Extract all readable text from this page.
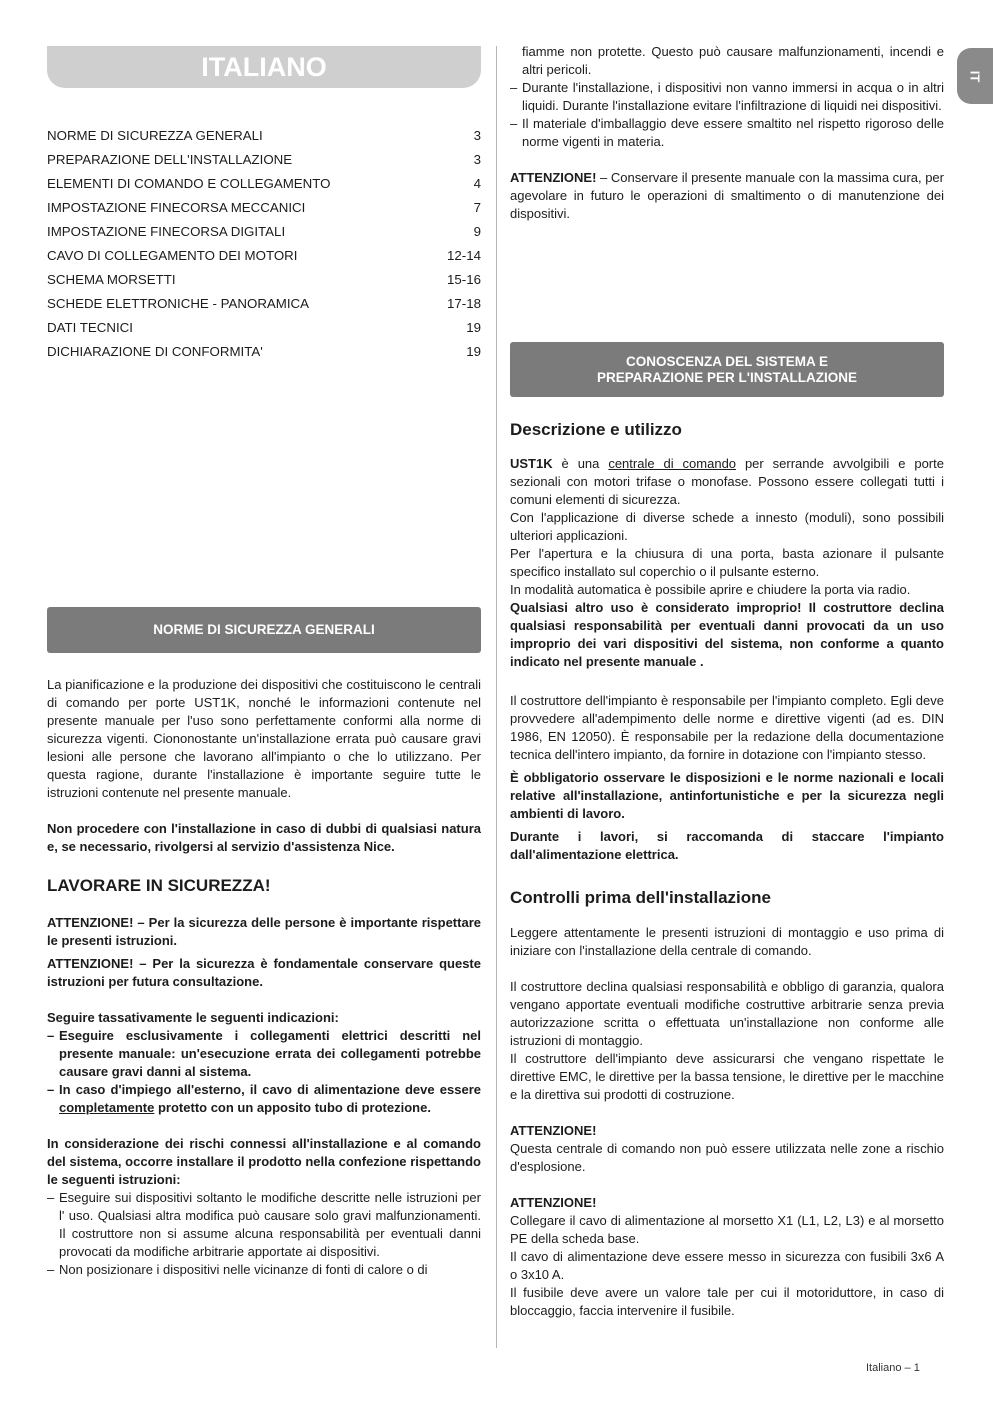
ITALIANO	IT
NORME DI SICUREZZA GENERALI	3
PREPARAZIONE DELL'INSTALLAZIONE	3
ELEMENTI DI COMANDO E COLLEGAMENTO	4
IMPOSTAZIONE FINECORSA MECCANICI	7
IMPOSTAZIONE FINECORSA DIGITALI	9
CAVO DI COLLEGAMENTO DEI MOTORI	12-14
SCHEMA MORSETTI	15-16
SCHEDE ELETTRONICHE - PANORAMICA	17-18
DATI TECNICI	19
DICHIARAZIONE DI CONFORMITA'	19
NORME DI SICUREZZA GENERALI

La pianificazione e la produzione dei dispositivi che costituiscono le centrali di comando per porte UST1K, nonché le informazioni contenute nel presente manuale per l'uso sono perfettamente conformi alla norme di sicurezza vigenti. Ciononostante un'installazione errata può causare gravi lesioni alle persone che lavorano all'impianto o che lo utilizzano. Per questa ragione, durante l'installazione è importante seguire tutte le istruzioni contenute nel presente manuale.

Non procedere con l'installazione in caso di dubbi di qualsiasi natura e, se necessario, rivolgersi al servizio d'assistenza Nice.

LAVORARE IN SICUREZZA!

ATTENZIONE! – Per la sicurezza delle persone è importante rispettare le presenti istruzioni.

ATTENZIONE! – Per la sicurezza è fondamentale conservare queste istruzioni per futura consultazione.

Seguire tassativamente le seguenti indicazioni:

– Eseguire esclusivamente i collegamenti elettrici descritti nel presente manuale: un'esecuzione errata dei collegamenti potrebbe causare gravi danni al sistema.
– In caso d'impiego all'esterno, il cavo di alimentazione deve essere completamente protetto con un apposito tubo di protezione.

In considerazione dei rischi connessi all'installazione e al comando del sistema, occorre installare il prodotto nella confezione rispettando le seguenti istruzioni:

– Eseguire sui dispositivi soltanto le modifiche descritte nelle istruzioni per l' uso. Qualsiasi altra modifica può causare solo gravi malfunzionamenti. Il costruttore non si assume alcuna responsabilità per eventuali danni provocati da modifiche arbitrarie apportate ai dispositivi.
– Non posizionare i dispositivi nelle vicinanze di fonti di calore o di
fiamme non protette. Questo può causare malfunzionamenti, incendi e altri pericoli.
– Durante l'installazione, i dispositivi non vanno immersi in acqua o in altri liquidi. Durante l'installazione evitare l'infiltrazione di liquidi nei dispositivi.
– Il materiale d'imballaggio deve essere smaltito nel rispetto rigoroso delle norme vigenti in materia.

ATTENZIONE! – Conservare il presente manuale con la massima cura, per agevolare in futuro le operazioni di smaltimento o di manutenzione dei dispositivi.

CONOSCENZA DEL SISTEMA E
PREPARAZIONE PER L'INSTALLAZIONE

Descrizione e utilizzo

UST1K è una centrale di comando per serrande avvolgibili e porte sezionali con motori trifase o monofase. Possono essere collegati tutti i comuni elementi di sicurezza.

Con l'applicazione di diverse schede a innesto (moduli), sono possibili ulteriori applicazioni.

Per l'apertura e la chiusura di una porta, basta azionare il pulsante specifico installato sul coperchio o il pulsante esterno.

In modalità automatica è possibile aprire e chiudere la porta via radio.

Qualsiasi altro uso è considerato improprio! Il costruttore declina qualsiasi responsabilità per eventuali danni provocati da un uso improprio dei vari dispositivi del sistema, non conforme a quanto indicato nel presente manuale .

Il costruttore dell'impianto è responsabile per l'impianto completo. Egli deve provvedere all'adempimento delle norme e direttive vigenti (ad es. DIN 1986, EN 12050). È responsabile per la redazione della documentazione tecnica dell'intero impianto, da fornire in dotazione con l'impianto stesso.

È obbligatorio osservare le disposizioni e le norme nazionali e locali relative all'installazione, antinfortunistiche e per la sicurezza negli ambienti di lavoro.

Durante i lavori, si raccomanda di staccare l'impianto dall'alimentazione elettrica.

Controlli prima dell'installazione

Leggere attentamente le presenti istruzioni di montaggio e uso prima di iniziare con l'installazione della centrale di comando.

Il costruttore declina qualsiasi responsabilità e obbligo di garanzia, qualora vengano apportate eventuali modifiche costruttive arbitrarie senza previa autorizzazione scritta o effettuata un'installazione non conforme alle istruzioni di montaggio.

Il costruttore dell'impianto deve assicurarsi che vengano rispettate le direttive EMC, le direttive per la bassa tensione, le direttive per le macchine e la direttiva sui prodotti di costruzione.

ATTENZIONE!

Questa centrale di comando non può essere utilizzata nelle zone a rischio d'esplosione.

ATTENZIONE!

Collegare il cavo di alimentazione al morsetto X1 (L1, L2, L3) e al morsetto PE della scheda base.

Il cavo di alimentazione deve essere messo in sicurezza con fusibili 3x6 A o 3x10 A.

Il fusibile deve avere un valore tale per cui il motoriduttore, in caso di bloccaggio, faccia intervenire il fusibile.

Italiano – 1
